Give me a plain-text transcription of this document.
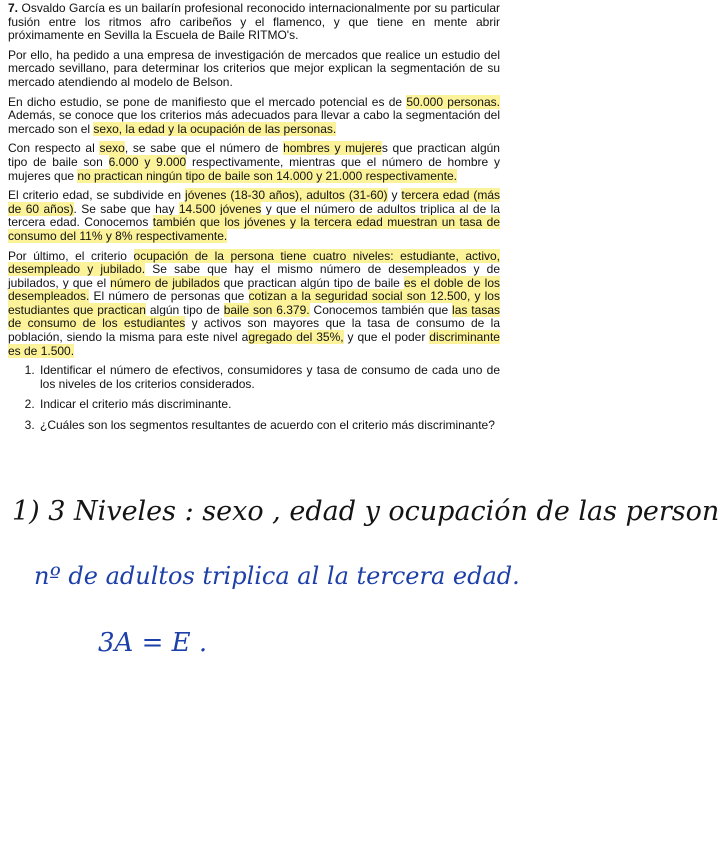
7. Osvaldo García es un bailarín profesional reconocido internacionalmente por su particular fusión entre los ritmos afro caribeños y el flamenco, y que tiene en mente abrir próximamente en Sevilla la Escuela de Baile RITMO's.

Por ello, ha pedido a una empresa de investigación de mercados que realice un estudio del mercado sevillano, para determinar los criterios que mejor explican la segmentación de su mercado atendiendo al modelo de Belson.

En dicho estudio, se pone de manifiesto que el mercado potencial es de 50.000 personas. Además, se conoce que los criterios más adecuados para llevar a cabo la segmentación del mercado son el sexo, la edad y la ocupación de las personas.

Con respecto al sexo, se sabe que el número de hombres y mujeres que practican algún tipo de baile son 6.000 y 9.000 respectivamente, mientras que el número de hombre y mujeres que no practican ningún tipo de baile son 14.000 y 21.000 respectivamente.

El criterio edad, se subdivide en jóvenes (18-30 años), adultos (31-60) y tercera edad (más de 60 años). Se sabe que hay 14.500 jóvenes y que el número de adultos triplica al de la tercera edad. Conocemos también que los jóvenes y la tercera edad muestran un tasa de consumo del 11% y 8% respectivamente.

Por último, el criterio ocupación de la persona tiene cuatro niveles: estudiante, activo, desempleado y jubilado. Se sabe que hay el mismo número de desempleados y de jubilados, y que el número de jubilados que practican algún tipo de baile es el doble de los desempleados. El número de personas que cotizan a la seguridad social son 12.500, y los estudiantes que practican algún tipo de baile son 6.379. Conocemos también que las tasas de consumo de los estudiantes y activos son mayores que la tasa de consumo de la población, siendo la misma para este nivel agregado del 35%, y que el poder discriminante es de 1.500.

1. Identificar el número de efectivos, consumidores y tasa de consumo de cada uno de los niveles de los criterios considerados.
2. Indicar el criterio más discriminante.
3. ¿Cuáles son los segmentos resultantes de acuerdo con el criterio más discriminante?
1) 3 Niveles : sexo , edad y ocupación de las person
nº de adultos triplica al la tercera edad.
3A = E .
